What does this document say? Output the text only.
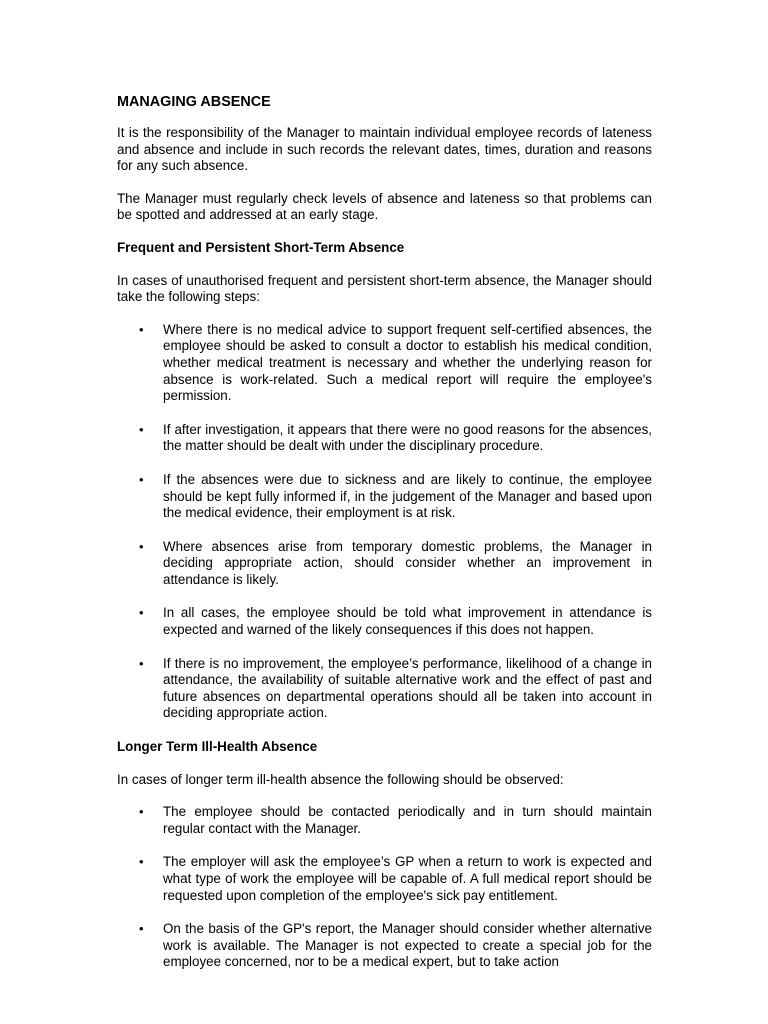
MANAGING ABSENCE

It is the responsibility of the Manager to maintain individual employee records of lateness and absence and include in such records the relevant dates, times, duration and reasons for any such absence.

The Manager must regularly check levels of absence and lateness so that problems can be spotted and addressed at an early stage.

Frequent and Persistent Short-Term Absence

In cases of unauthorised frequent and persistent short-term absence, the Manager should take the following steps:

• Where there is no medical advice to support frequent self-certified absences, the employee should be asked to consult a doctor to establish his medical condition, whether medical treatment is necessary and whether the underlying reason for absence is work-related. Such a medical report will require the employee's permission.
• If after investigation, it appears that there were no good reasons for the absences, the matter should be dealt with under the disciplinary procedure.
• If the absences were due to sickness and are likely to continue, the employee should be kept fully informed if, in the judgement of the Manager and based upon the medical evidence, their employment is at risk.
• Where absences arise from temporary domestic problems, the Manager in deciding appropriate action, should consider whether an improvement in attendance is likely.
• In all cases, the employee should be told what improvement in attendance is expected and warned of the likely consequences if this does not happen.
• If there is no improvement, the employee’s performance, likelihood of a change in attendance, the availability of suitable alternative work and the effect of past and future absences on departmental operations should all be taken into account in deciding appropriate action.
Longer Term Ill-Health Absence

In cases of longer term ill-health absence the following should be observed:

• The employee should be contacted periodically and in turn should maintain regular contact with the Manager.
• The employer will ask the employee’s GP when a return to work is expected and what type of work the employee will be capable of. A full medical report should be requested upon completion of the employee's sick pay entitlement.
• On the basis of the GP's report, the Manager should consider whether alternative work is available. The Manager is not expected to create a special job for the employee concerned, nor to be a medical expert, but to take action
